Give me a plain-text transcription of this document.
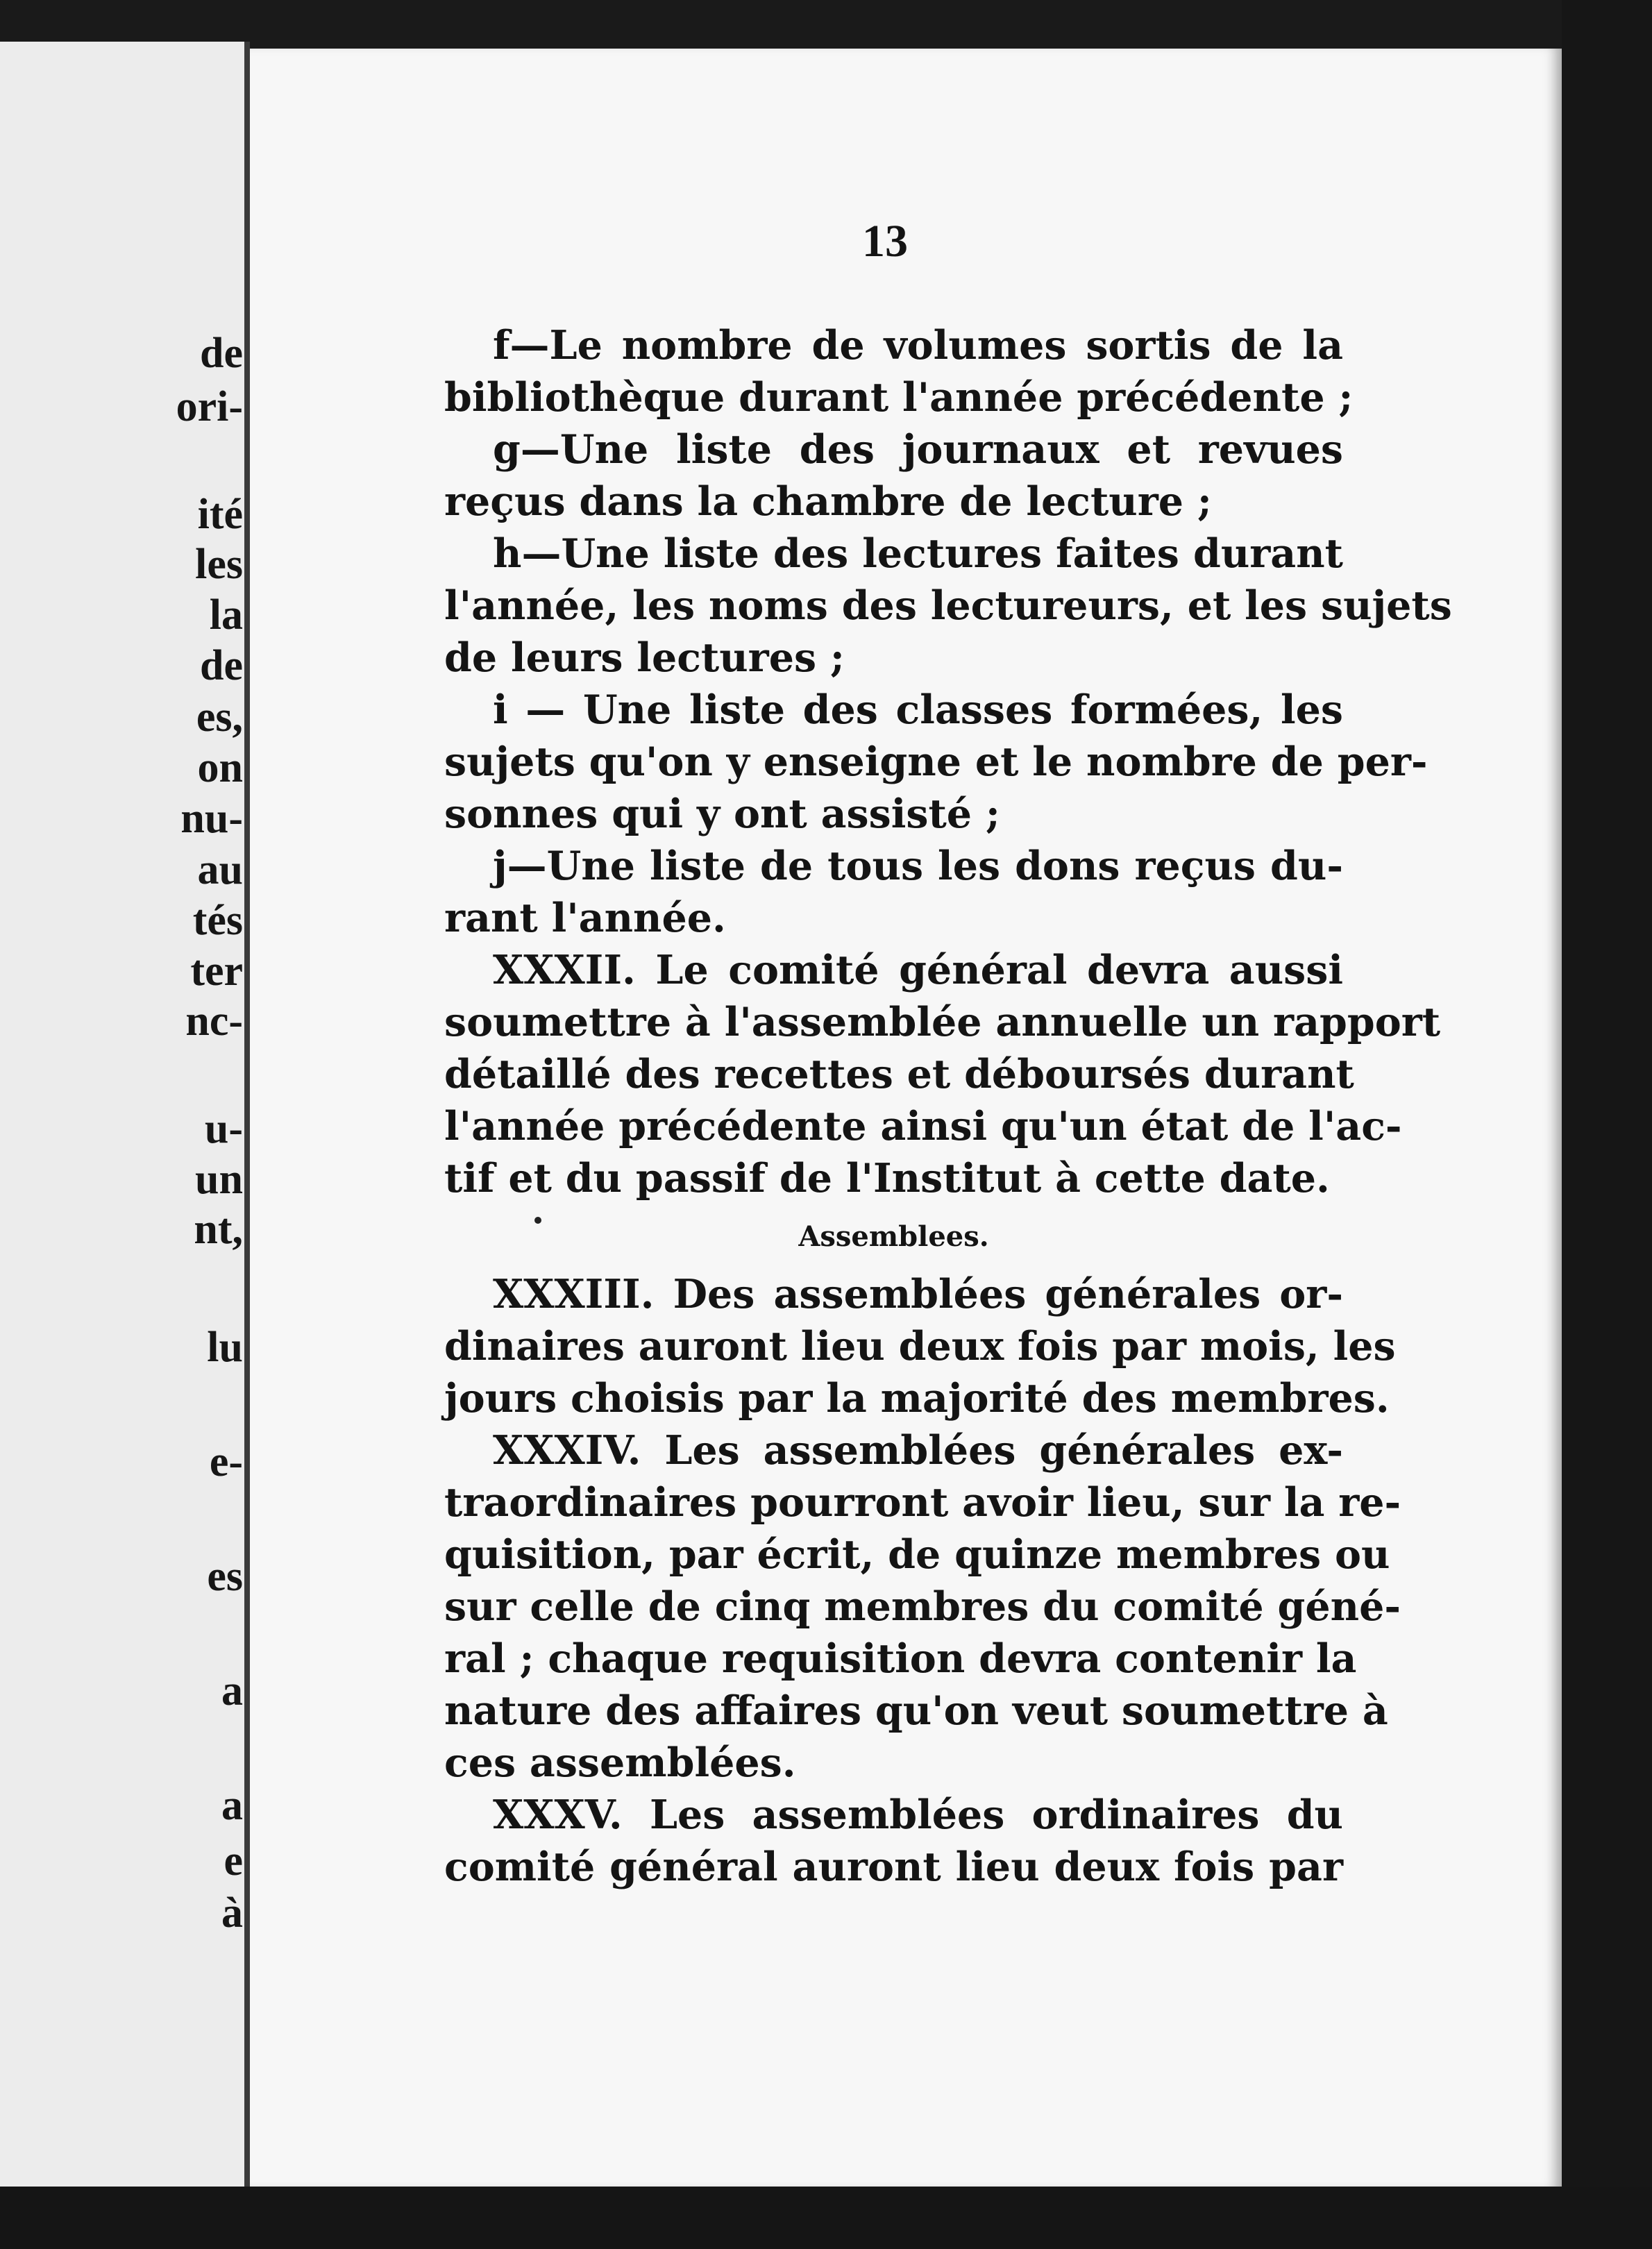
de
ori-
ité
les
la
de
es,
on
nu-
au
tés
ter
nc-
u-
un
nt,
lu
e-
es
a
a
e
à
13
f—Le nombre de volumes sortis de la
bibliothèque durant l'année précédente ;
g—Une liste des journaux et revues
reçus dans la chambre de lecture ;
h—Une liste des lectures faites durant
l'année, les noms des lectureurs, et les sujets
de leurs lectures ;
i — Une liste des classes formées, les
sujets qu'on y enseigne et le nombre de per-
sonnes qui y ont assisté ;
j—Une liste de tous les dons reçus du-
rant l'année.
XXXII. Le comité général devra aussi
soumettre à l'assemblée annuelle un rapport
détaillé des recettes et déboursés durant
l'année précédente ainsi qu'un état de l'ac-
tif et du passif de l'Institut à cette date.
Assemblees.
XXXIII. Des assemblées générales or-
dinaires auront lieu deux fois par mois, les
jours choisis par la majorité des membres.
XXXIV. Les assemblées générales ex-
traordinaires pourront avoir lieu, sur la re-
quisition, par écrit, de quinze membres ou
sur celle de cinq membres du comité géné-
ral ; chaque requisition devra contenir la
nature des affaires qu'on veut soumettre à
ces assemblées.
XXXV. Les assemblées ordinaires du
comité général auront lieu deux fois par
